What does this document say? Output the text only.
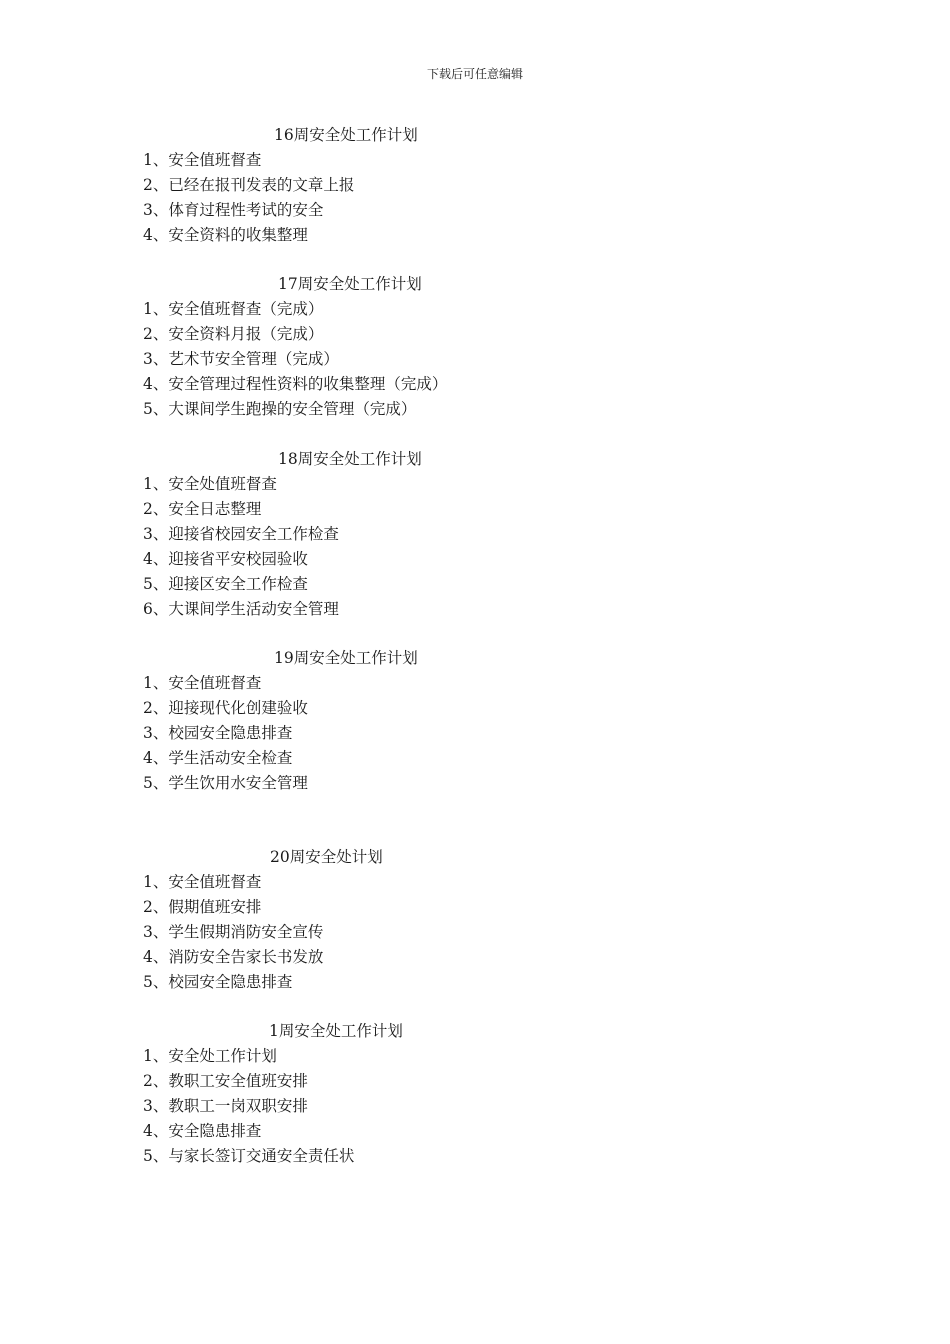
下载后可任意编辑
16周安全处工作计划
1、安全值班督查
2、已经在报刊发表的文章上报
3、体育过程性考试的安全
4、安全资料的收集整理
17周安全处工作计划
1、安全值班督查（完成）
2、安全资料月报（完成）
3、艺术节安全管理（完成）
4、安全管理过程性资料的收集整理（完成）
5、大课间学生跑操的安全管理（完成）
18周安全处工作计划
1、安全处值班督查
2、安全日志整理
3、迎接省校园安全工作检查
4、迎接省平安校园验收
5、迎接区安全工作检查
6、大课间学生活动安全管理
19周安全处工作计划
1、安全值班督查
2、迎接现代化创建验收
3、校园安全隐患排查
4、学生活动安全检查
5、学生饮用水安全管理
20周安全处计划
1、安全值班督查
2、假期值班安排
3、学生假期消防安全宣传
4、消防安全告家长书发放
5、校园安全隐患排查
1周安全处工作计划
1、安全处工作计划
2、教职工安全值班安排
3、教职工一岗双职安排
4、安全隐患排查
5、与家长签订交通安全责任状
